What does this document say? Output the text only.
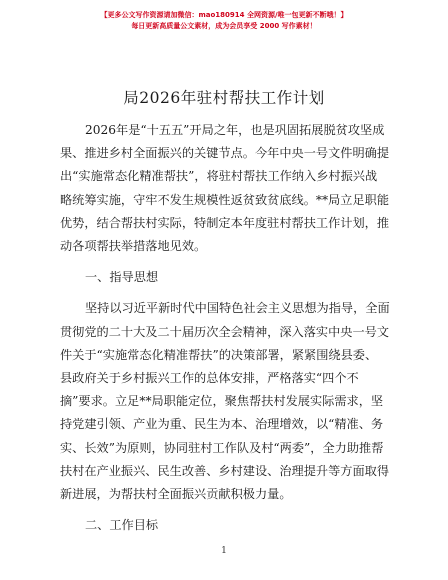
【更多公文写作资源请加微信：mao180914 全网资源/唯一包更新不断哦！】
每日更新高质量公文素材，成为会员享受 2000 写作素材！
局2026年驻村帮扶工作计划
2026年是“十五五”开局之年，也是巩固拓展脱贫攻坚成
果、推进乡村全面振兴的关键节点。今年中央一号文件明确提
出“实施常态化精准帮扶”，将驻村帮扶工作纳入乡村振兴战
略统筹实施，守牢不发生规模性返贫致贫底线。**局立足职能
优势，结合帮扶村实际，特制定本年度驻村帮扶工作计划，推
动各项帮扶举措落地见效。
一、指导思想
坚持以习近平新时代中国特色社会主义思想为指导，全面
贯彻党的二十大及二十届历次全会精神，深入落实中央一号文
件关于“实施常态化精准帮扶”的决策部署，紧紧围绕县委、
县政府关于乡村振兴工作的总体安排，严格落实“四个不
摘”要求。立足**局职能定位，聚焦帮扶村发展实际需求，坚
持党建引领、产业为重、民生为本、治理增效，以“精准、务
实、长效”为原则，协同驻村工作队及村“两委”，全力助推帮
扶村在产业振兴、民生改善、乡村建设、治理提升等方面取得
新进展，为帮扶村全面振兴贡献积极力量。
二、工作目标
1
